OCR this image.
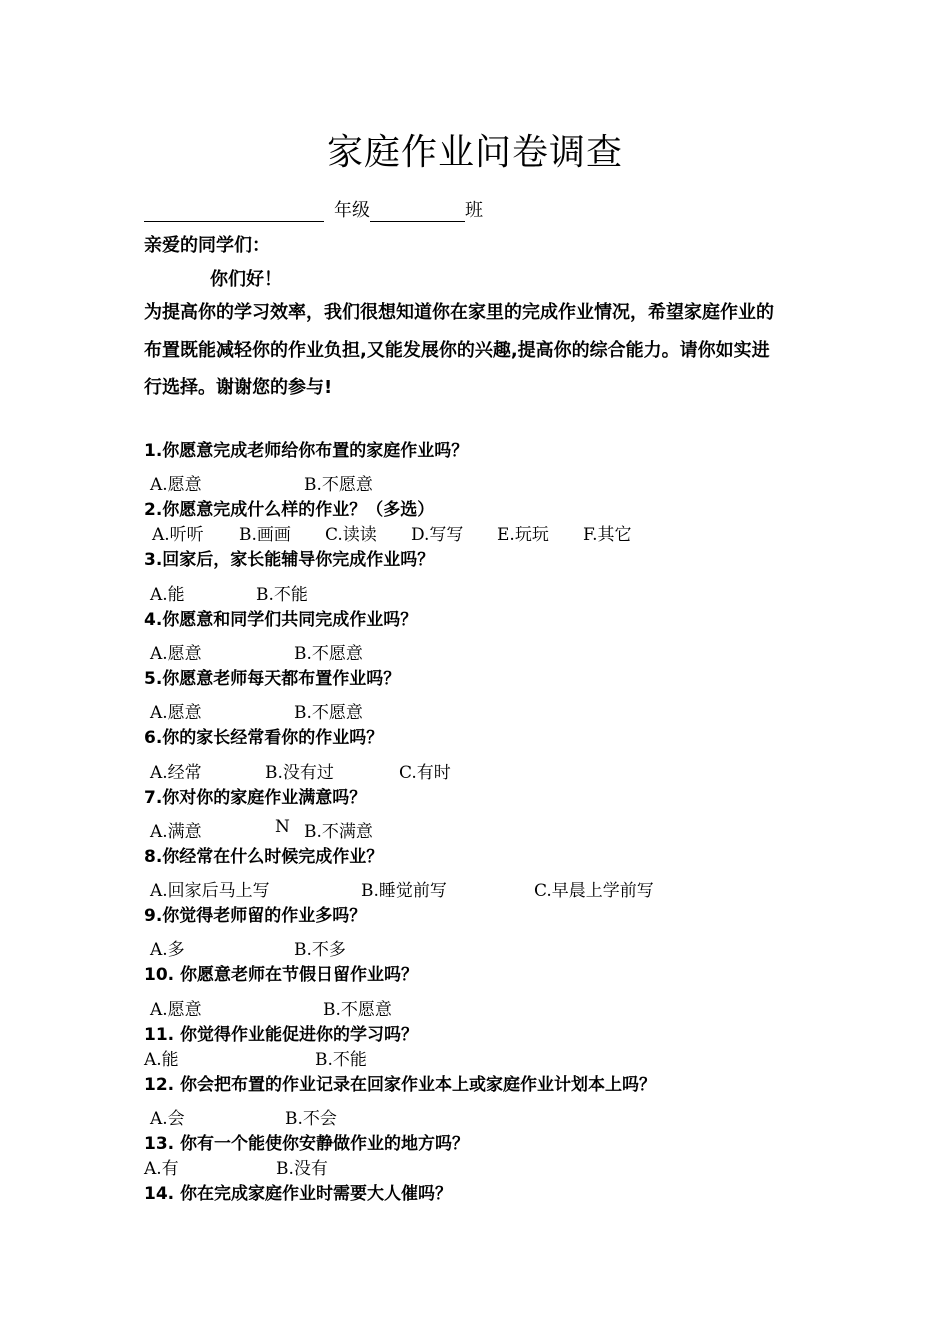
家庭作业问卷调查
年级	班
亲爱的同学们：
你们好！
为提高你的学习效率，我们很想知道你在家里的完成作业情况，希望家庭作业的
布置既能减轻你的作业负担,又能发展你的兴趣,提高你的综合能力。请你如实进
行选择。谢谢您的参与!
1.你愿意完成老师给你布置的家庭作业吗？
A.愿意	B.不愿意
2.你愿意完成什么样的作业？（多选）
A.听听 B.画画 C.读读 D.写写 E.玩玩 F.其它
3.回家后，家长能辅导你完成作业吗？
A.能	B.不能
4.你愿意和同学们共同完成作业吗？
A.愿意	B.不愿意
5.你愿意老师每天都布置作业吗？
A.愿意	B.不愿意
6.你的家长经常看你的作业吗？
A.经常	B.没有过	C.有时
7.你对你的家庭作业满意吗？
A.满意	N B.不满意
8.你经常在什么时候完成作业？
A.回家后马上写	B.睡觉前写	C.早晨上学前写
9.你觉得老师留的作业多吗？
A.多	B.不多
10. 你愿意老师在节假日留作业吗？
A.愿意	B.不愿意
11. 你觉得作业能促进你的学习吗？
A.能	B.不能
12. 你会把布置的作业记录在回家作业本上或家庭作业计划本上吗？
A.会	B.不会
13. 你有一个能使你安静做作业的地方吗？
A.有	B.没有
14. 你在完成家庭作业时需要大人催吗？
